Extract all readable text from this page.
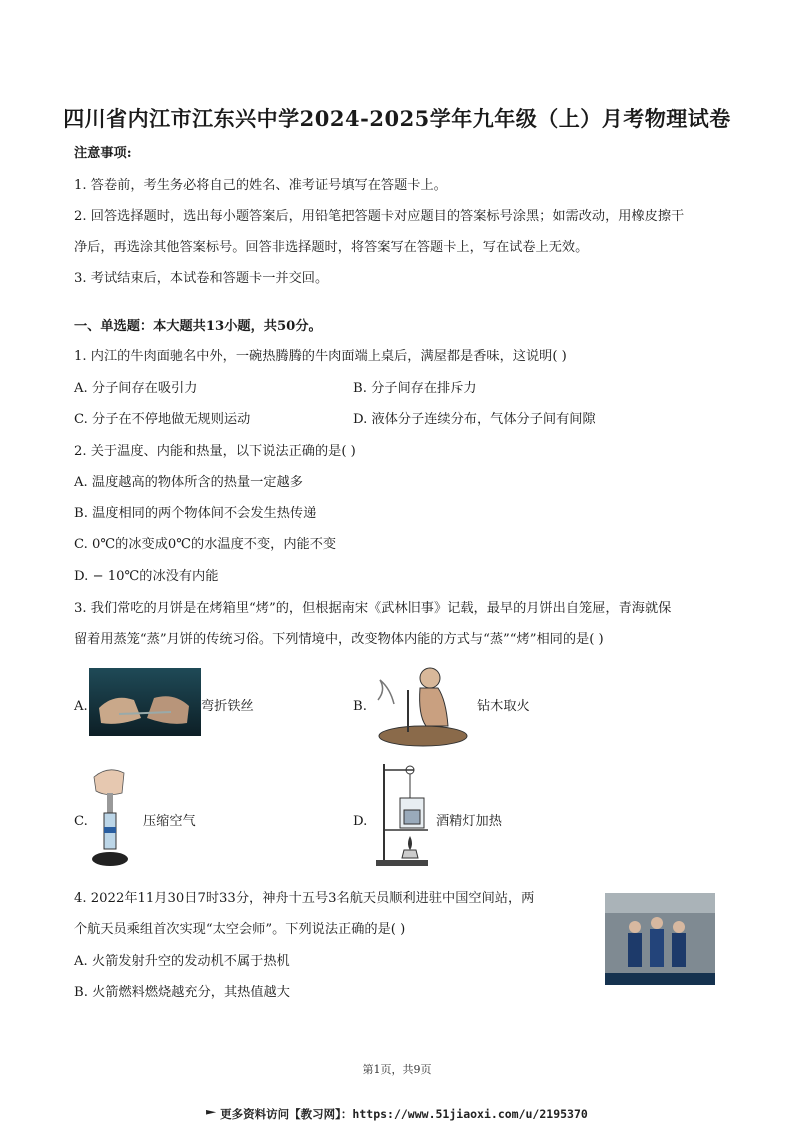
四川省内江市江东兴中学2024-2025学年九年级（上）月考物理试卷
注意事项:
1. 答卷前，考生务必将自己的姓名、准考证号填写在答题卡上。
2. 回答选择题时，选出每小题答案后，用铅笔把答题卡对应题目的答案标号涂黑；如需改动，用橡皮擦干
净后，再选涂其他答案标号。回答非选择题时，将答案写在答题卡上，写在试卷上无效。
3. 考试结束后，本试卷和答题卡一并交回。
一、单选题：本大题共13小题，共50分。
1. 内江的牛肉面驰名中外，一碗热腾腾的牛肉面端上桌后，满屋都是香味，这说明( )
A. 分子间存在吸引力	B. 分子间存在排斥力
C. 分子在不停地做无规则运动	D. 液体分子连续分布，气体分子间有间隙
2. 关于温度、内能和热量，以下说法正确的是( )
A. 温度越高的物体所含的热量一定越多
B. 温度相同的两个物体间不会发生热传递
C. 0℃的冰变成0℃的水温度不变，内能不变
D. − 10℃的冰没有内能
3. 我们常吃的月饼是在烤箱里“烤”的，但根据南宋《武林旧事》记载，最早的月饼出自笼屉，青海就保
留着用蒸笼“蒸”月饼的传统习俗。下列情境中，改变物体内能的方式与“蒸”“烤”相同的是( )
A.	弯折铁丝	B.	钻木取火
C.	压缩空气	D.	酒精灯加热
4. 2022年11月30日7时33分，神舟十五号3名航天员顺利进驻中国空间站，两
个航天员乘组首次实现“太空会师”。下列说法正确的是( )
A. 火箭发射升空的发动机不属于热机
B. 火箭燃料燃烧越充分，其热值越大
第1页，共9页
更多资料访问【教习网】：https://www.51jiaoxi.com/u/2195370
